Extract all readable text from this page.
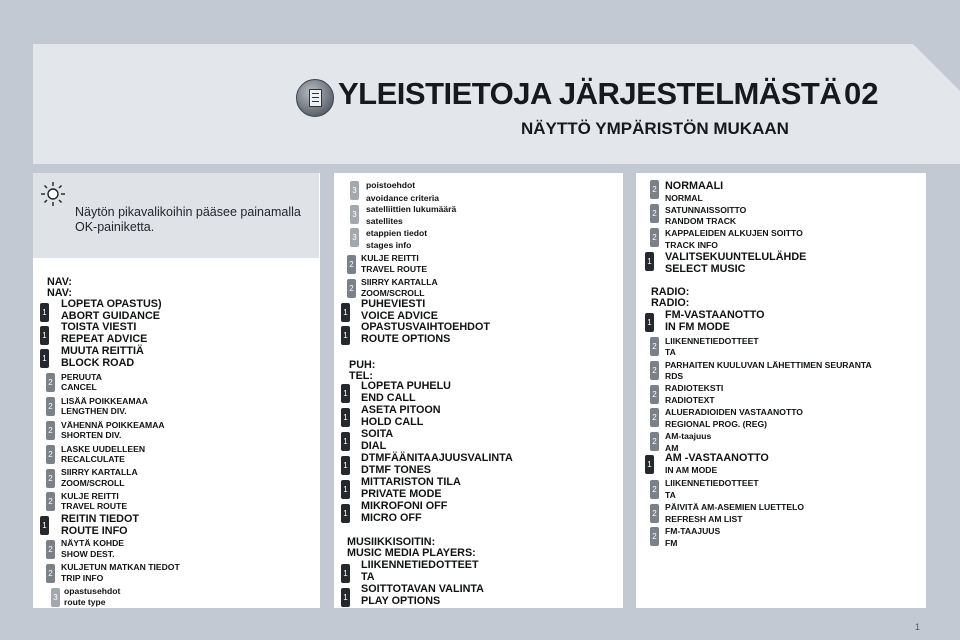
YLEISTIETOJA JÄRJESTELMÄSTÄ 02
NÄYTTÖ YMPÄRISTÖN MUKAAN
Näytön pikavalikoihin pääsee painamalla OK-painiketta.
NAV:
NAV:
1
LOPETA OPASTUS)
ABORT GUIDANCE
1
TOISTA VIESTI
REPEAT ADVICE
1
MUUTA REITTIÄ
BLOCK ROAD
2
PERUUTA
CANCEL
2
LISÄÄ POIKKEAMAA
LENGTHEN DIV.
2
VÄHENNÄ POIKKEAMAA
SHORTEN DIV.
2
LASKE UUDELLEEN
RECALCULATE
2
SIIRRY KARTALLA
ZOOM/SCROLL
2
KULJE REITTI
TRAVEL ROUTE
1
REITIN TIEDOT
ROUTE INFO
2
NÄYTÄ KOHDE
SHOW DEST.
2
KULJETUN MATKAN TIEDOT
TRIP INFO
3
opastusehdot
route type
3
poistoehdot
avoidance criteria
3
satelliittien lukumäärä
satellites
3 etappien tiedot
stages info
2
KULJE REITTI
TRAVEL ROUTE
2
SIIRRY KARTALLA
ZOOM/SCROLL
1
PUHEVIESTI
VOICE ADVICE
1
OPASTUSVAIHTOEHDOT
ROUTE OPTIONS
PUH:
TEL:
1
LOPETA PUHELU
END CALL
1
ASETA PITOON
HOLD CALL
1
SOITA
DIAL
1
DTMFÄÄNITAAJUUSVALINTA
DTMF TONES
1
MITTARISTON TILA
PRIVATE MODE
1
MIKROFONI OFF
MICRO OFF
MUSIIKKISOITIN:
MUSIC MEDIA PLAYERS:
1
LIIKENNETIEDOTTEET
TA
1
SOITTOTAVAN VALINTA
PLAY OPTIONS
2 NORMAALI
NORMAL
2 SATUNNAISSOITTO
RANDOM TRACK
2 KAPPALEIDEN ALKUJEN SOITTO
TRACK INFO
1 VALITSEKUUNTELULÄHDE
SELECT MUSIC
RADIO:
RADIO:
1
FM-VASTAANOTTO
IN FM MODE
2
LIIKENNETIEDOTTEET
TA
2
PARHAITEN KUULUVAN LÄHETTIMEN SEURANTA
RDS
2
RADIOTEKSTI
RADIOTEXT
2
ALUERADIOIDEN VASTAANOTTO
REGIONAL PROG. (REG)
2
AM-taajuus
AM
1
AM -VASTAANOTTO
IN AM MODE
2
LIIKENNETIEDOTTEET
TA
2
PÄIVITÄ AM-ASEMIEN LUETTELO
REFRESH AM LIST
2
FM-TAAJUUS
FM
1
